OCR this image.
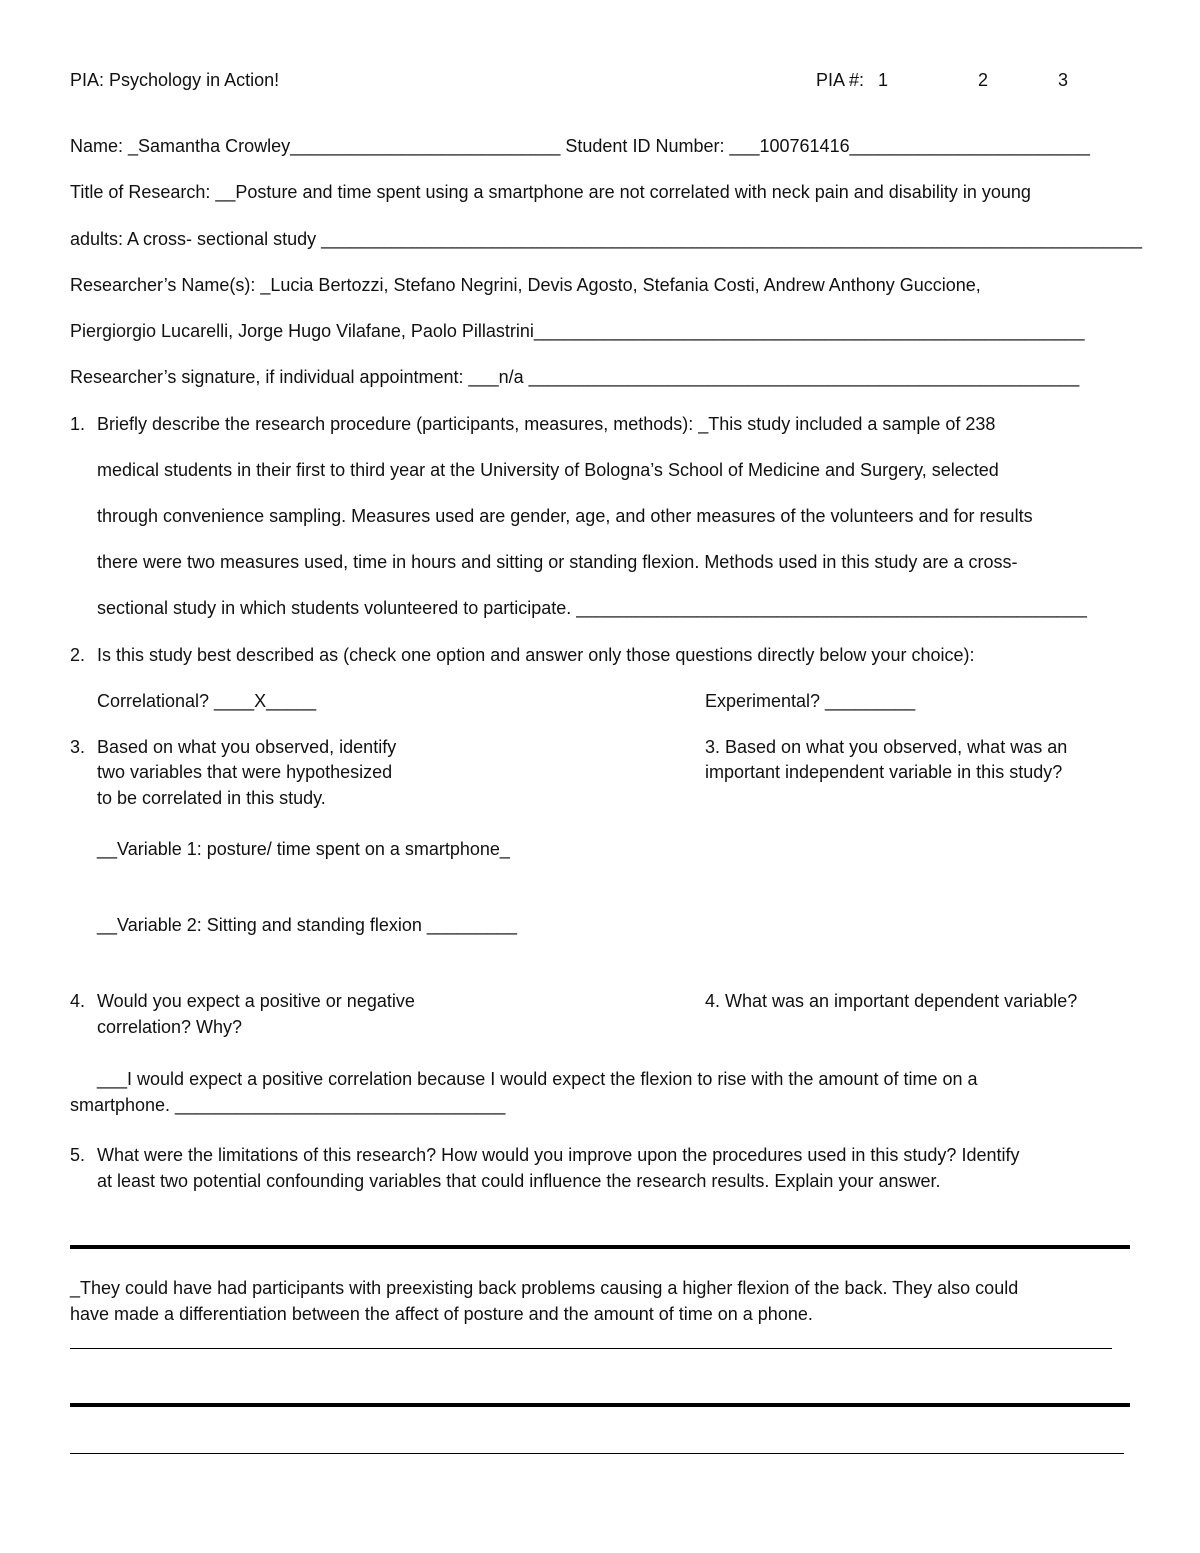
PIA: Psychology in Action!	PIA #: 1	2	3
Name: _Samantha Crowley___________________________ Student ID Number: ___100761416________________________
Title of Research: __Posture and time spent using a smartphone are not correlated with neck pain and disability in young
adults: A cross- sectional study __________________________________________________________________________________
Researcher’s Name(s): _Lucia Bertozzi, Stefano Negrini, Devis Agosto, Stefania Costi, Andrew Anthony Guccione,
Piergiorgio Lucarelli, Jorge Hugo Vilafane, Paolo Pillastrini_______________________________________________________
Researcher’s signature, if individual appointment: ___n/a _______________________________________________________
1. Briefly describe the research procedure (participants, measures, methods): _This study included a sample of 238
medical students in their first to third year at the University of Bologna’s School of Medicine and Surgery, selected
through convenience sampling. Measures used are gender, age, and other measures of the volunteers and for results
there were two measures used, time in hours and sitting or standing flexion. Methods used in this study are a cross-
sectional study in which students volunteered to participate. ___________________________________________________
2. Is this study best described as (check one option and answer only those questions directly below your choice):
Correlational? ____X_____	Experimental? _________
3. Based on what you observed, identify
two variables that were hypothesized
to be correlated in this study.
3. Based on what you observed, what was an
important independent variable in this study?
__Variable 1: posture/ time spent on a smartphone_
__Variable 2: Sitting and standing flexion _________
4. Would you expect a positive or negative
correlation? Why?
4. What was an important dependent variable?
___I would expect a positive correlation because I would expect the flexion to rise with the amount of time on a
smartphone. _________________________________
5. What were the limitations of this research? How would you improve upon the procedures used in this study? Identify
at least two potential confounding variables that could influence the research results. Explain your answer.
_They could have had participants with preexisting back problems causing a higher flexion of the back. They also could
have made a differentiation between the affect of posture and the amount of time on a phone.
